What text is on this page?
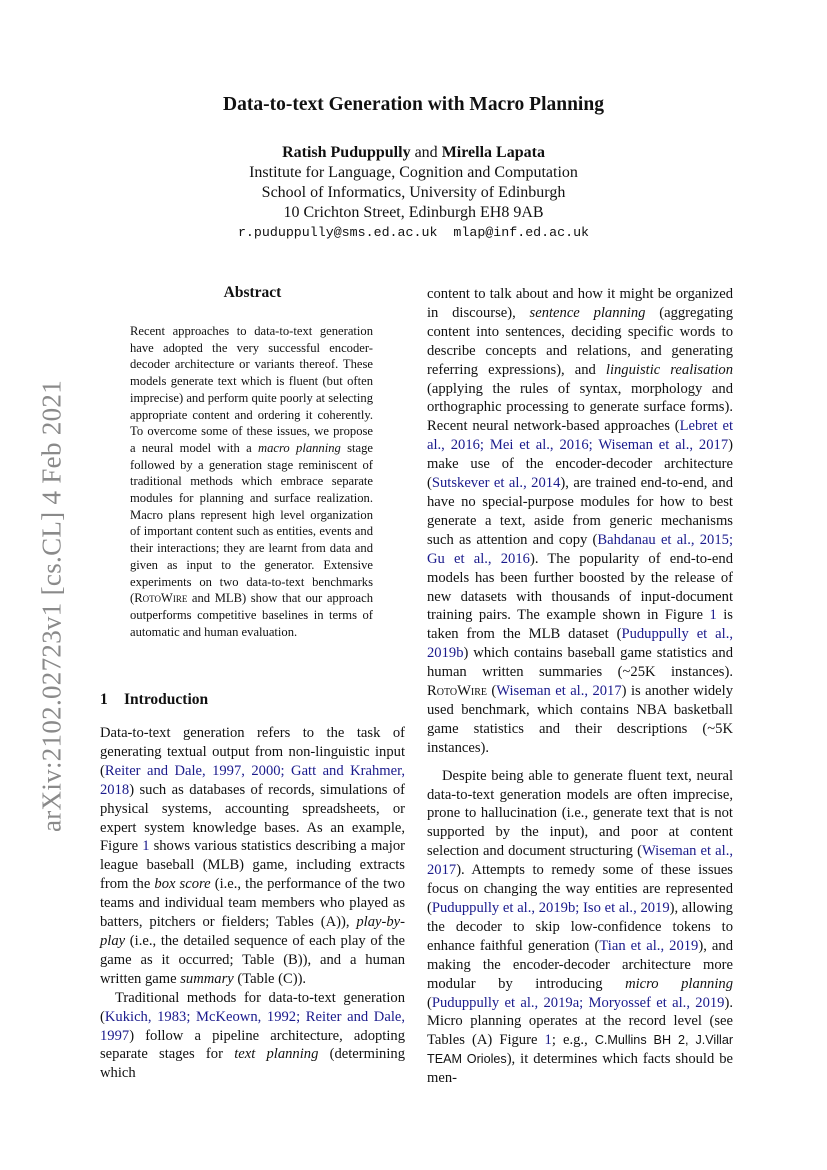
arXiv:2102.02723v1 [cs.CL] 4 Feb 2021
Data-to-text Generation with Macro Planning
Ratish Puduppully and Mirella Lapata
Institute for Language, Cognition and Computation
School of Informatics, University of Edinburgh
10 Crichton Street, Edinburgh EH8 9AB
r.puduppully@sms.ed.ac.uk  mlap@inf.ed.ac.uk
Abstract
Recent approaches to data-to-text generation have adopted the very successful encoder-decoder architecture or variants thereof. These models generate text which is fluent (but often imprecise) and perform quite poorly at selecting appropriate content and ordering it coherently. To overcome some of these issues, we propose a neural model with a macro planning stage followed by a generation stage reminiscent of traditional methods which embrace separate modules for planning and surface realization. Macro plans represent high level organization of important content such as entities, events and their interactions; they are learnt from data and given as input to the generator. Extensive experiments on two data-to-text benchmarks (RotoWire and MLB) show that our approach outperforms competitive baselines in terms of automatic and human evaluation.
1 Introduction

Data-to-text generation refers to the task of generating textual output from non-linguistic input (Reiter and Dale, 1997, 2000; Gatt and Krahmer, 2018) such as databases of records, simulations of physical systems, accounting spreadsheets, or expert system knowledge bases. As an example, Figure 1 shows various statistics describing a major league baseball (MLB) game, including extracts from the box score (i.e., the performance of the two teams and individual team members who played as batters, pitchers or fielders; Tables (A)), play-by-play (i.e., the detailed sequence of each play of the game as it occurred; Table (B)), and a human written game summary (Table (C)).

Traditional methods for data-to-text generation (Kukich, 1983; McKeown, 1992; Reiter and Dale, 1997) follow a pipeline architecture, adopting separate stages for text planning (determining which

content to talk about and how it might be organized in discourse), sentence planning (aggregating content into sentences, deciding specific words to describe concepts and relations, and generating referring expressions), and linguistic realisation (applying the rules of syntax, morphology and orthographic processing to generate surface forms). Recent neural network-based approaches (Lebret et al., 2016; Mei et al., 2016; Wiseman et al., 2017) make use of the encoder-decoder architecture (Sutskever et al., 2014), are trained end-to-end, and have no special-purpose modules for how to best generate a text, aside from generic mechanisms such as attention and copy (Bahdanau et al., 2015; Gu et al., 2016). The popularity of end-to-end models has been further boosted by the release of new datasets with thousands of input-document training pairs. The example shown in Figure 1 is taken from the MLB dataset (Puduppully et al., 2019b) which contains baseball game statistics and human written summaries (~25K instances). RotoWire (Wiseman et al., 2017) is another widely used benchmark, which contains NBA basketball game statistics and their descriptions (~5K instances).

Despite being able to generate fluent text, neural data-to-text generation models are often imprecise, prone to hallucination (i.e., generate text that is not supported by the input), and poor at content selection and document structuring (Wiseman et al., 2017). Attempts to remedy some of these issues focus on changing the way entities are represented (Puduppully et al., 2019b; Iso et al., 2019), allowing the decoder to skip low-confidence tokens to enhance faithful generation (Tian et al., 2019), and making the encoder-decoder architecture more modular by introducing micro planning (Puduppully et al., 2019a; Moryossef et al., 2019). Micro planning operates at the record level (see Tables (A) Figure 1; e.g., C.Mullins BH 2, J.Villar TEAM Orioles), it determines which facts should be men-
